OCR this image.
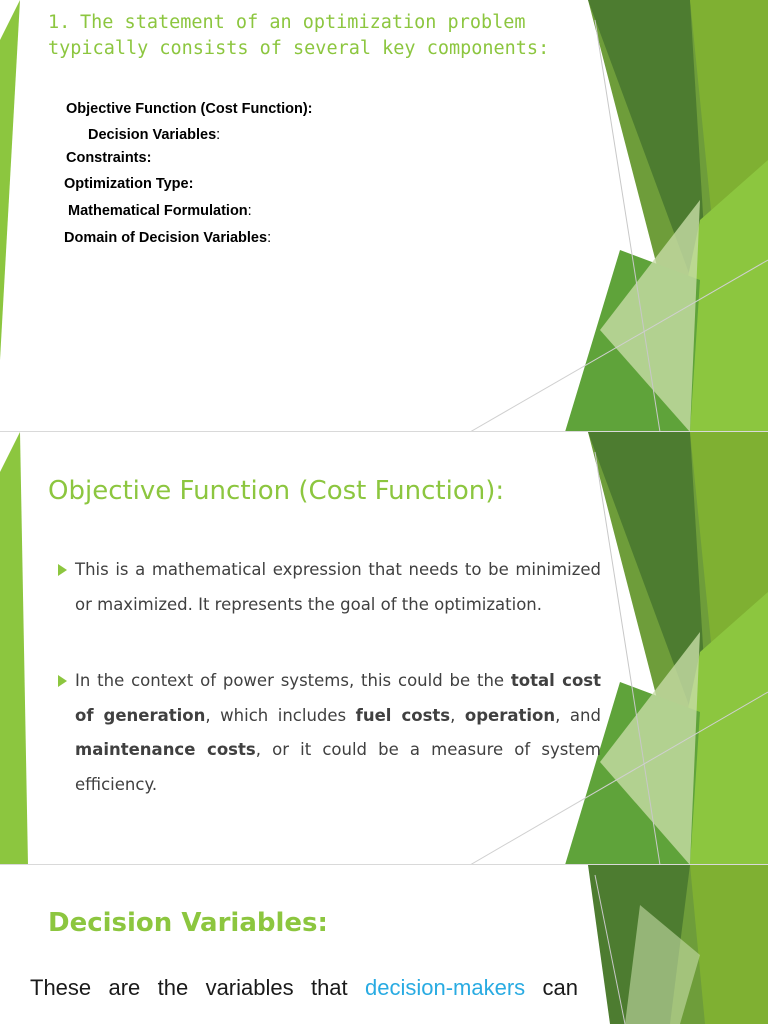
1. The statement of an optimization problem
typically consists of several key components:
Objective Function (Cost Function):
Decision Variables:
Constraints:
Optimization Type:
Mathematical Formulation:
Domain of Decision Variables:
Objective Function (Cost Function):
This is a mathematical expression that needs to be minimized or maximized. It represents the goal of the optimization.
In the context of power systems, this could be the total cost of generation, which includes fuel costs, operation, and maintenance costs, or it could be a measure of system efficiency.
Decision Variables:
These are the variables that decision-makers can
